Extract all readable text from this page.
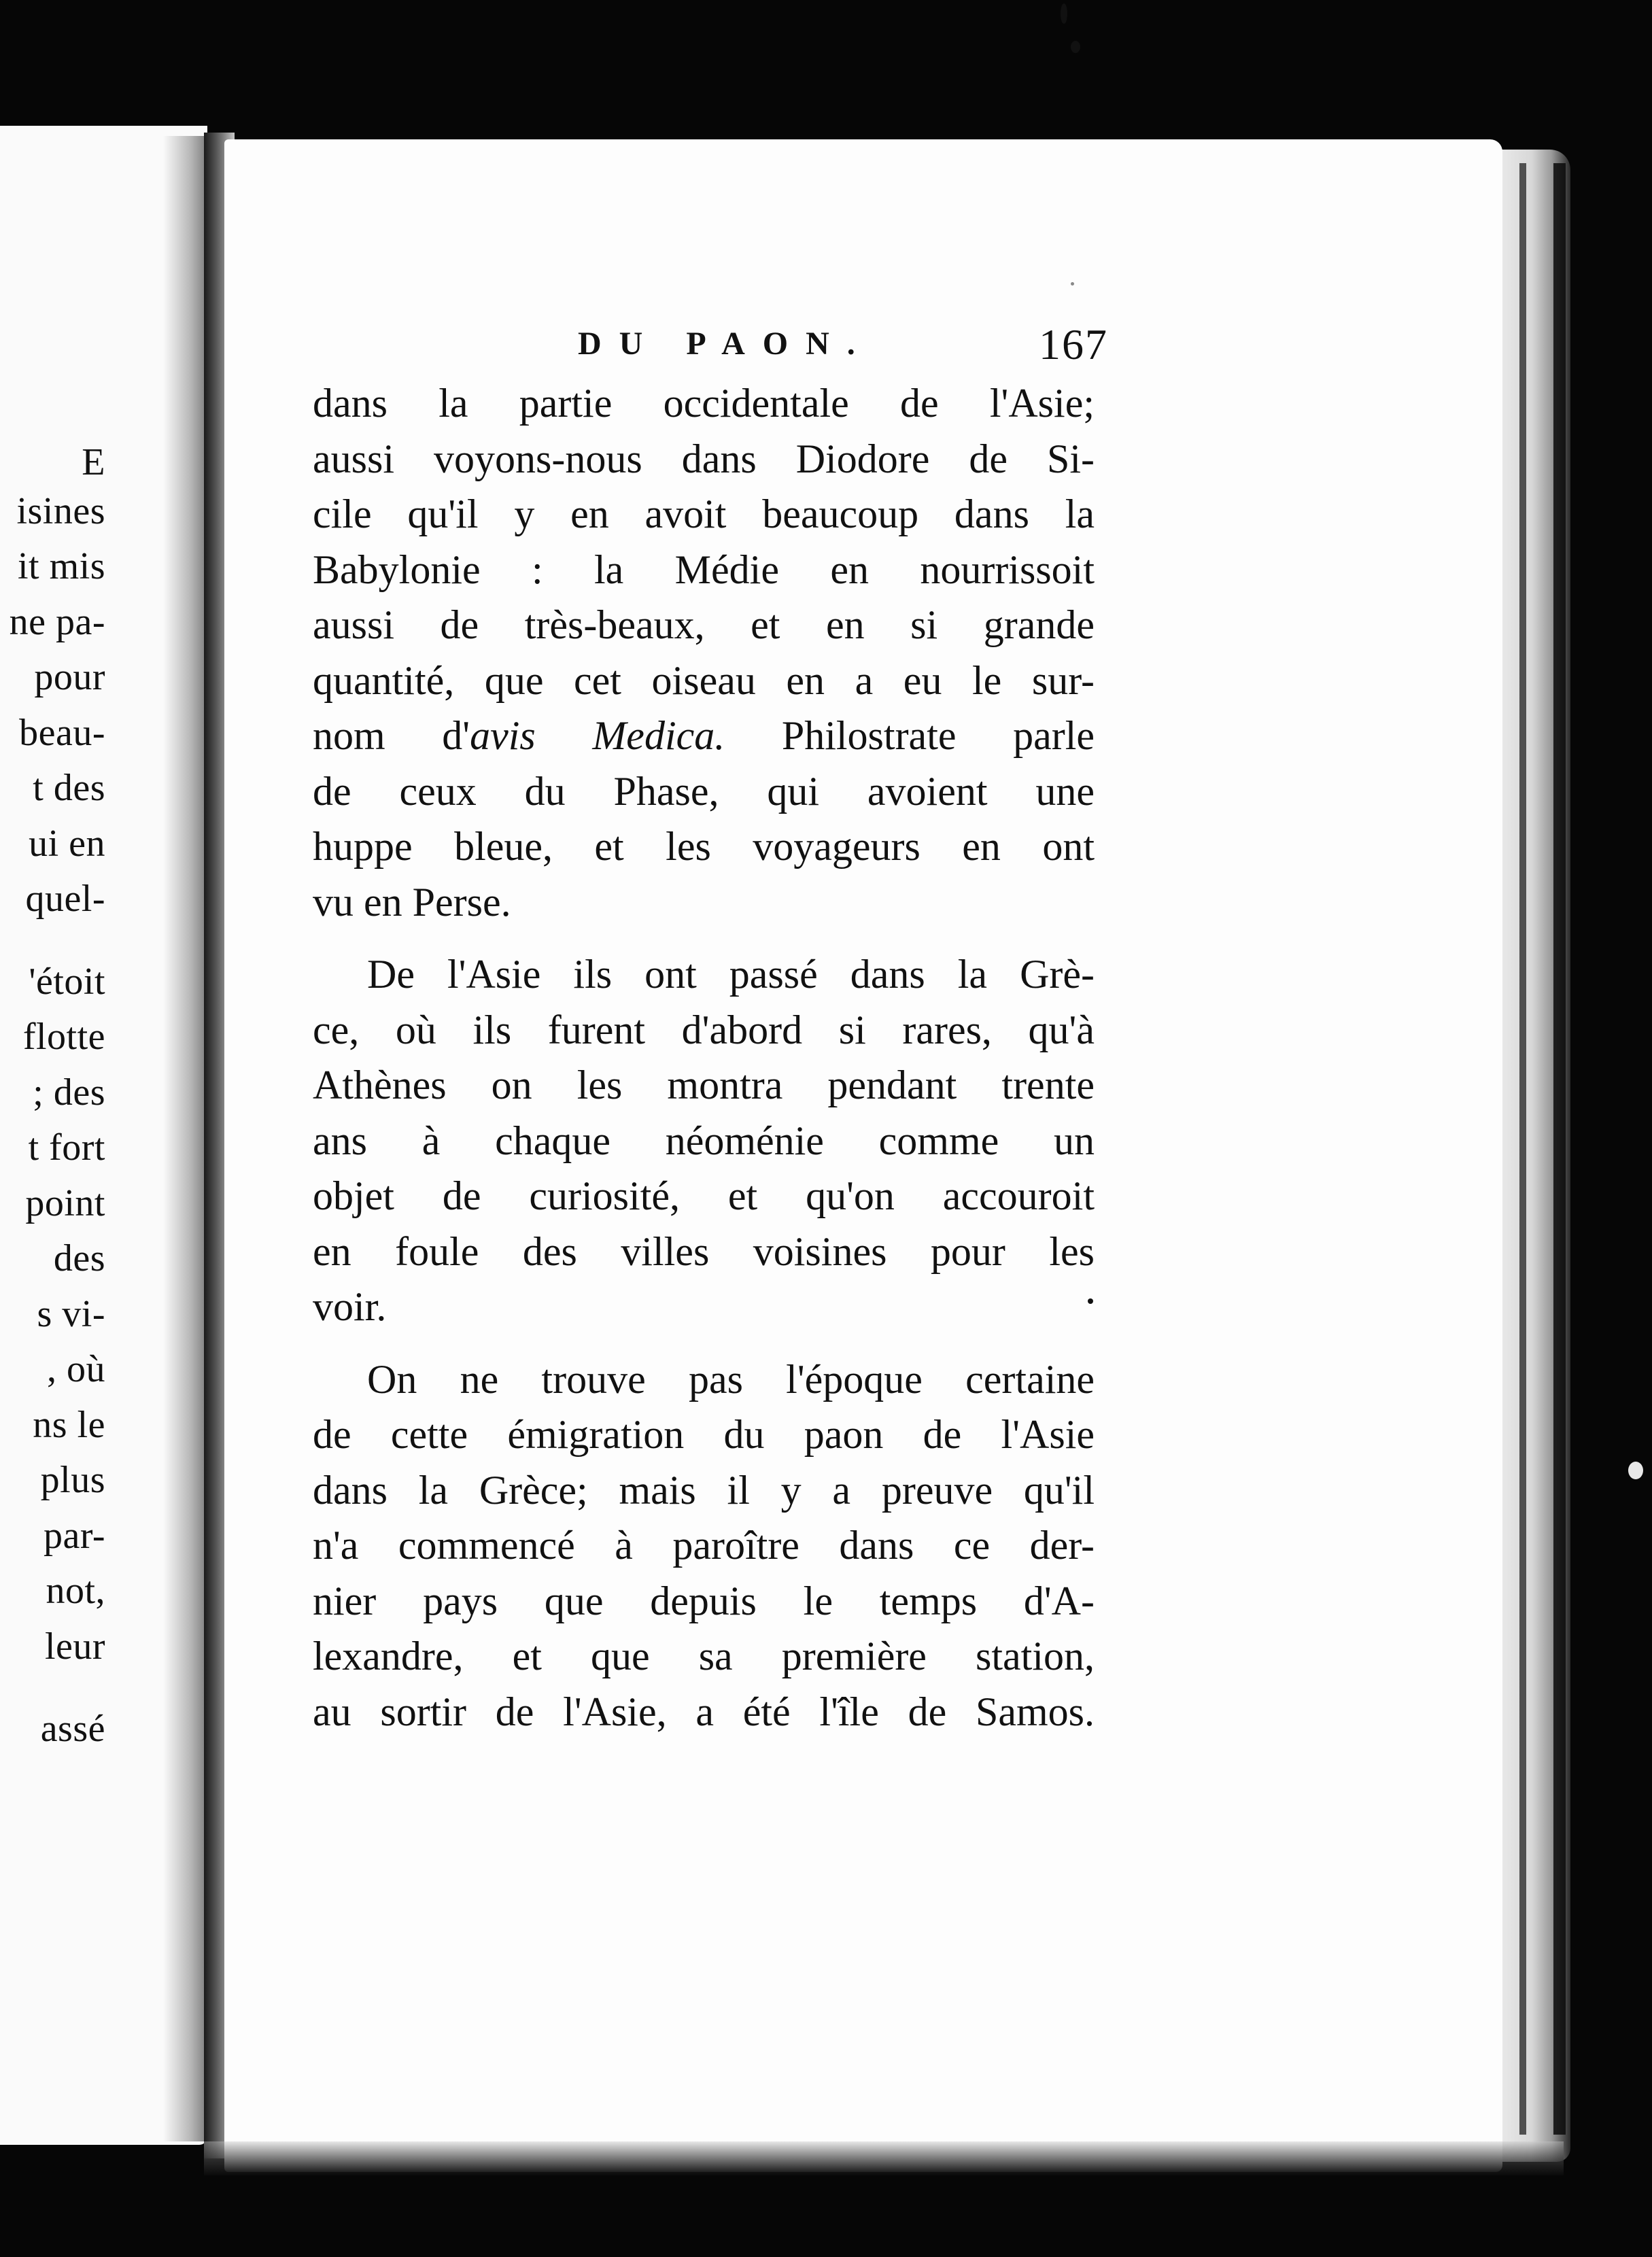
E
isines
it mis
ne pa-
pour
beau-
t des
ui en
quel-
'étoit
flotte
; des
t fort
point
des
s vi-
, où
ns le
plus
par-
not,
leur
assé
DU PAON.	167
dans la partie occidentale de l'Asie;
aussi voyons-nous dans Diodore de Si-
cile qu'il y en avoit beaucoup dans la
Babylonie : la Médie en nourrissoit
aussi de très-beaux, et en si grande
quantité, que cet oiseau en a eu le sur-
nom d'avis Medica. Philostrate parle
de ceux du Phase, qui avoient une
huppe bleue, et les voyageurs en ont
vu en Perse.
De l'Asie ils ont passé dans la Grè-
ce, où ils furent d'abord si rares, qu'à
Athènes on les montra pendant trente
ans à chaque néoménie comme un
objet de curiosité, et qu'on accouroit
en foule des villes voisines pour les
voir.
On ne trouve pas l'époque certaine
de cette émigration du paon de l'Asie
dans la Grèce; mais il y a preuve qu'il
n'a commencé à paroître dans ce der-
nier pays que depuis le temps d'A-
lexandre, et que sa première station,
au sortir de l'Asie, a été l'île de Samos.
